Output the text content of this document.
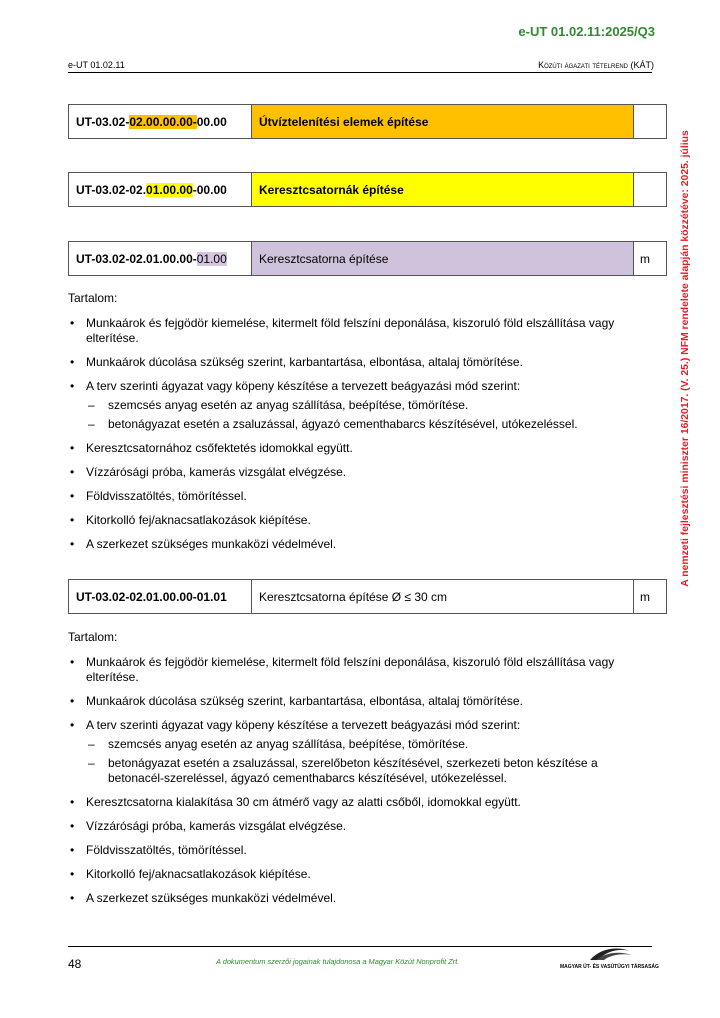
e-UT 01.02.11:2025/Q3
e-UT 01.02.11	Közúti ágazati tételrend (KÁT)
A nemzeti fejlesztési miniszter 16/2017. (V. 25.) NFM rendelete alapján közzétéve: 2025. július
UT-03.02- 02.00.00.00- 00.00	Útvíztelenítési elemek építése
UT-03.02-02. 01.00.00 -00.00	Keresztcsatornák építése
UT-03.02-02.01.00.00- 01.00	Keresztcsatorna építése	m
Tartalom:
• Munkaárok és fejgödör kiemelése, kitermelt föld felszíni deponálása, kiszoruló föld elszállítása vagy elterítése.
• Munkaárok dúcolása szükség szerint, karbantartása, elbontása, altalaj tömörítése.
• A terv szerinti ágyazat vagy köpeny készítése a tervezett beágyazási mód szerint:
– szemcsés anyag esetén az anyag szállítása, beépítése, tömörítése.
– betonágyazat esetén a zsaluzással, ágyazó cementhabarcs készítésével, utókezeléssel.
• Keresztcsatornához csőfektetés idomokkal együtt.
• Vízzárósági próba, kamerás vizsgálat elvégzése.
• Földvisszatöltés, tömörítéssel.
• Kitorkolló fej/aknacsatlakozások kiépítése.
• A szerkezet szükséges munkaközi védelmével.
UT-03.02-02.01.00.00-01.01	Keresztcsatorna építése Ø ≤ 30 cm	m
Tartalom:
• Munkaárok és fejgödör kiemelése, kitermelt föld felszíni deponálása, kiszoruló föld elszállítása vagy elterítése.
• Munkaárok dúcolása szükség szerint, karbantartása, elbontása, altalaj tömörítése.
• A terv szerinti ágyazat vagy köpeny készítése a tervezett beágyazási mód szerint:
– szemcsés anyag esetén az anyag szállítása, beépítése, tömörítése.
– betonágyazat esetén a zsaluzással, szerelőbeton készítésével, szerkezeti beton készítése a betonacél-szereléssel, ágyazó cementhabarcs készítésével, utókezeléssel.
• Keresztcsatorna kialakítása 30 cm átmérő vagy az alatti csőből, idomokkal együtt.
• Vízzárósági próba, kamerás vizsgálat elvégzése.
• Földvisszatöltés, tömörítéssel.
• Kitorkolló fej/aknacsatlakozások kiépítése.
• A szerkezet szükséges munkaközi védelmével.
48	A dokumentum szerzői jogainak tulajdonosa a Magyar Közút Nonprofit Zrt.
MAGYAR ÚT- ÉS VASÚTÜGYI TÁRSASÁG
